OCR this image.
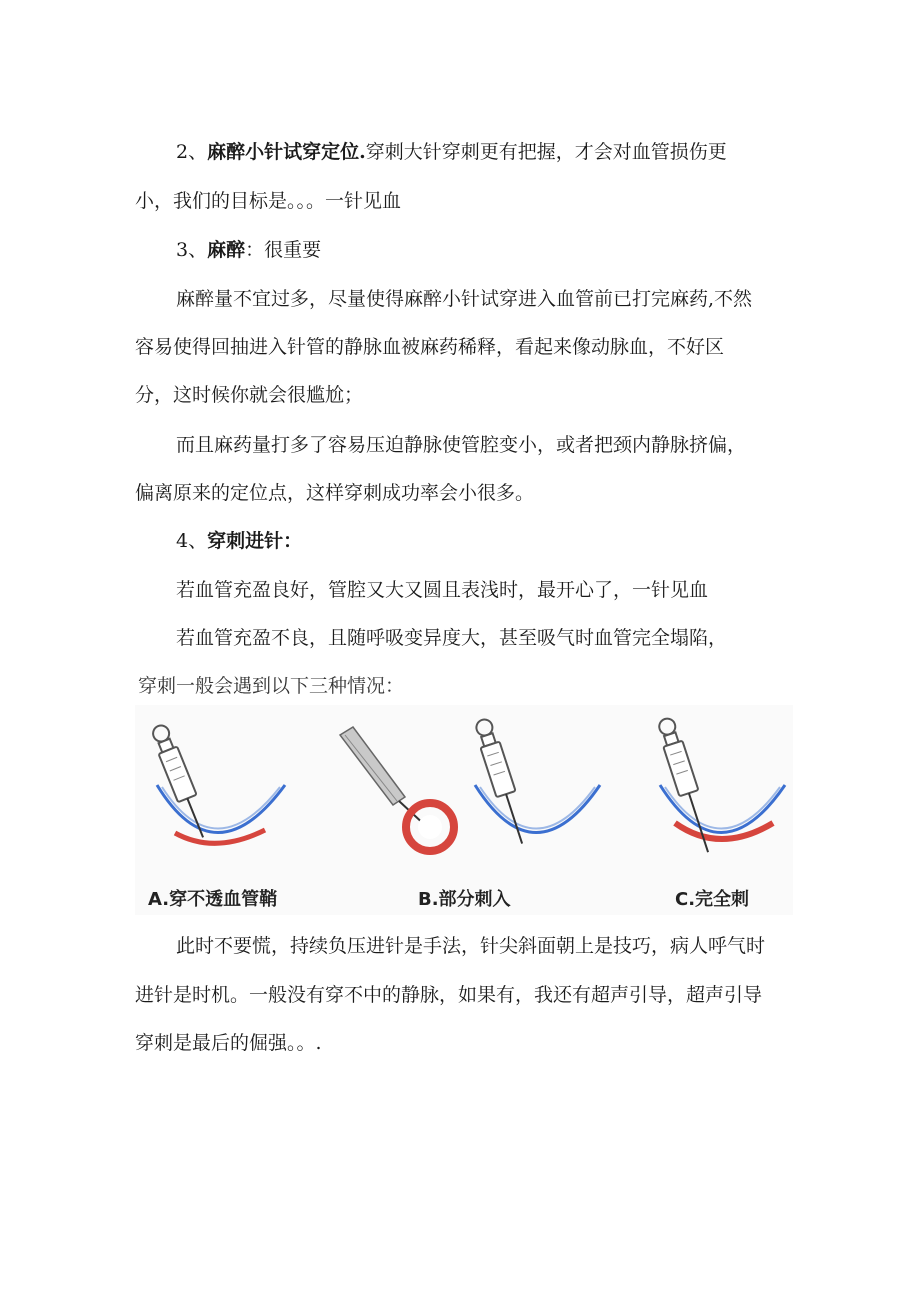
2、麻醉小针试穿定位.穿刺大针穿刺更有把握，才会对血管损伤更
小，我们的目标是。。。一针见血
3、麻醉：很重要
麻醉量不宜过多，尽量使得麻醉小针试穿进入血管前已打完麻药,不然
容易使得回抽进入针管的静脉血被麻药稀释，看起来像动脉血，不好区
分，这时候你就会很尴尬；
而且麻药量打多了容易压迫静脉使管腔变小，或者把颈内静脉挤偏，
偏离原来的定位点，这样穿刺成功率会小很多。
4、穿刺进针：
若血管充盈良好，管腔又大又圆且表浅时，最开心了，一针见血
若血管充盈不良，且随呼吸变异度大，甚至吸气时血管完全塌陷，
穿刺一般会遇到以下三种情况：
A.穿不透血管鞘	B.部分刺入	C.完全刺
此时不要慌，持续负压进针是手法，针尖斜面朝上是技巧，病人呼气时
进针是时机。一般没有穿不中的静脉，如果有，我还有超声引导，超声引导
穿刺是最后的倔强。。.
